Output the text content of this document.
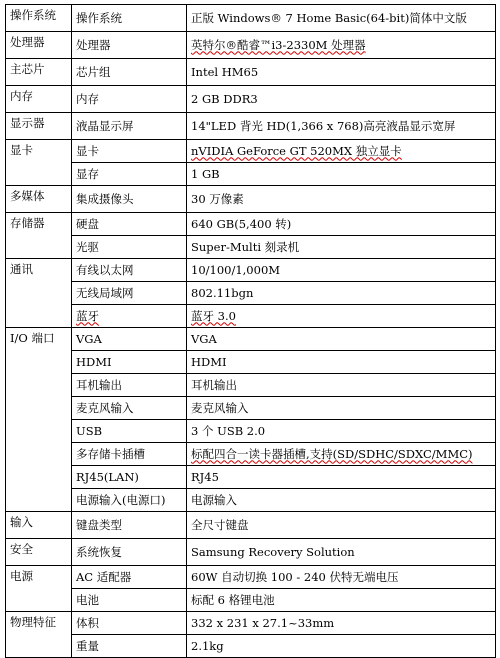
操作系统	操作系统	正版 Windows® 7 Home Basic(64-bit)简体中文版
处理器	处理器	英特尔®酷睿™i3-2330M 处理器
主芯片	芯片组	Intel HM65
内存	内存	2 GB DDR3
显示器	液晶显示屏	14"LED 背光 HD(1,366 x 768)高亮液晶显示宽屏
显卡	显卡	nVIDIA GeForce GT 520MX 独立显卡
	显存	1 GB
多媒体	集成摄像头	30 万像素
存储器	硬盘	640 GB(5,400 转)
	光驱	Super-Multi 刻录机
通讯	有线以太网	10/100/1,000M
	无线局域网	802.11bgn
	蓝牙	蓝牙 3.0
I/O 端口	VGA	VGA
	HDMI	HDMI
	耳机输出	耳机输出
	麦克风输入	麦克风输入
	USB	3 个 USB 2.0
	多存储卡插槽	标配四合一读卡器插槽,支持(SD/SDHC/SDXC/MMC)
	RJ45(LAN)	RJ45
	电源输入(电源口)	电源输入
输入	键盘类型	全尺寸键盘
安全	系统恢复	Samsung Recovery Solution
电源	AC 适配器	60W 自动切换 100 - 240 伏特无端电压
	电池	标配 6 格锂电池
物理特征	体积	332 x 231 x 27.1~33mm
	重量	2.1kg
